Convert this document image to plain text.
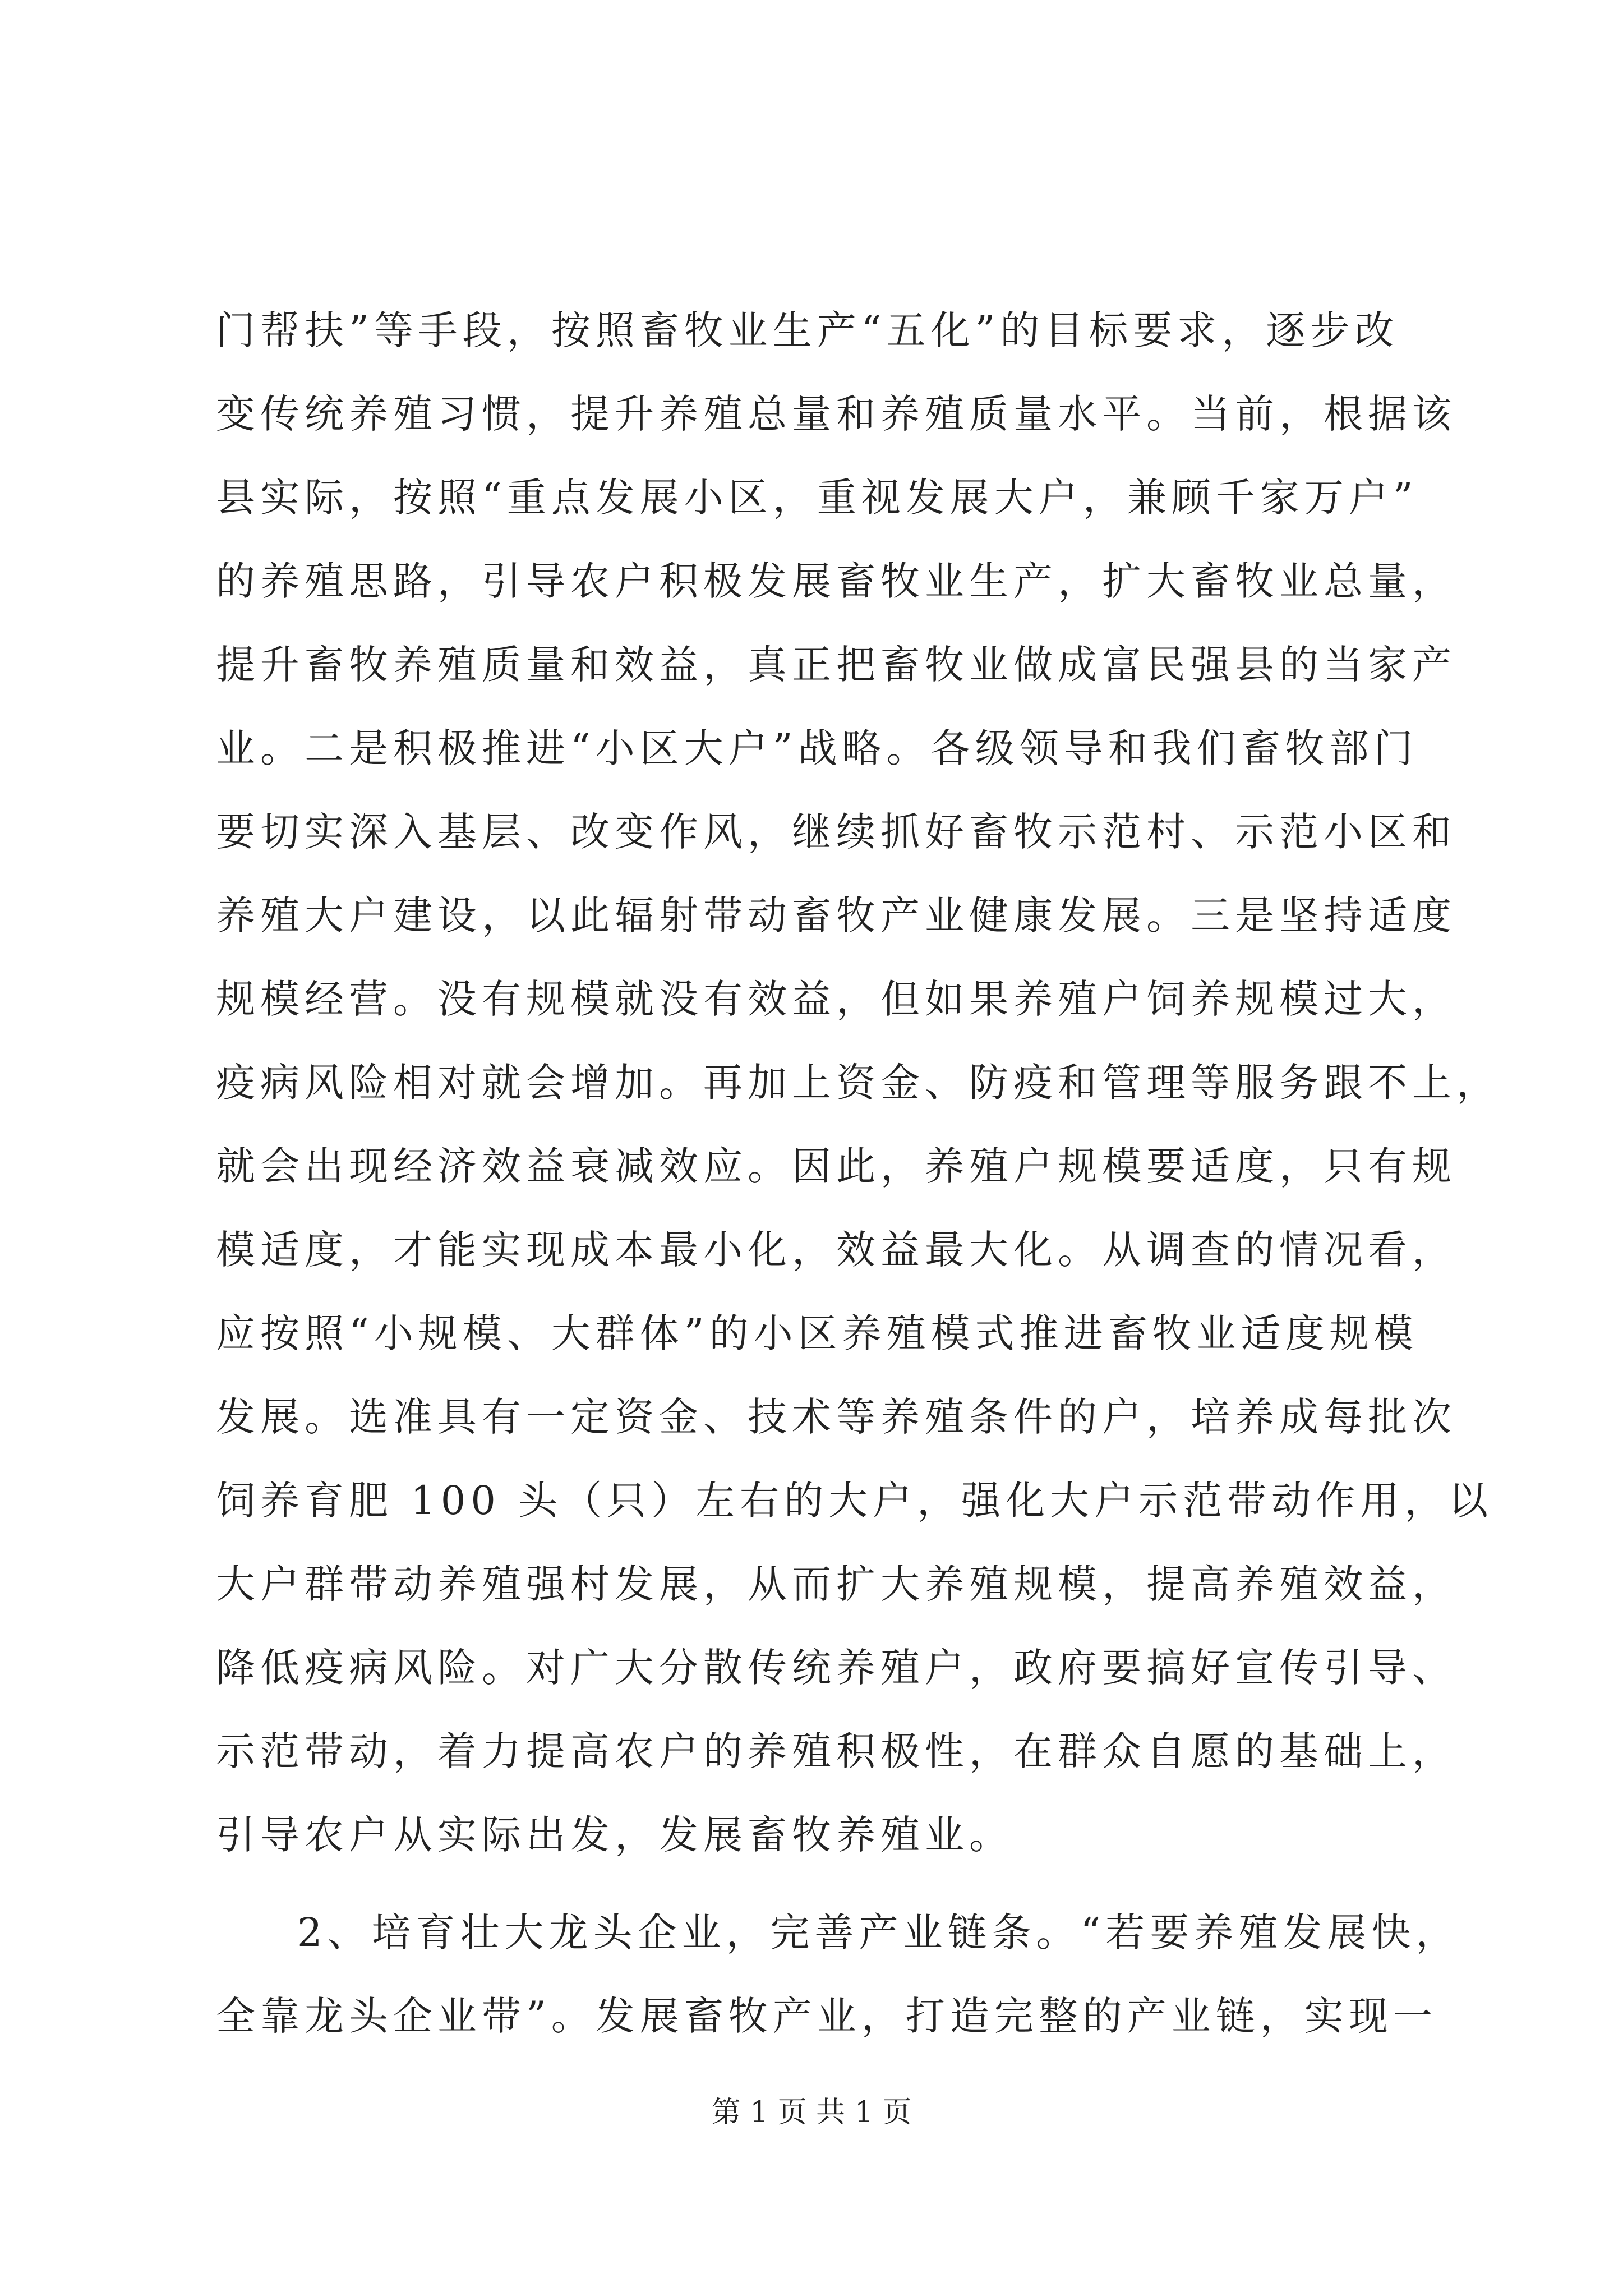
门帮扶”等手段，按照畜牧业生产“五化”的目标要求，逐步改
变传统养殖习惯，提升养殖总量和养殖质量水平。当前，根据该
县实际，按照“重点发展小区，重视发展大户，兼顾千家万户”
的养殖思路，引导农户积极发展畜牧业生产，扩大畜牧业总量，
提升畜牧养殖质量和效益，真正把畜牧业做成富民强县的当家产
业。二是积极推进“小区大户”战略。各级领导和我们畜牧部门
要切实深入基层、改变作风，继续抓好畜牧示范村、示范小区和
养殖大户建设，以此辐射带动畜牧产业健康发展。三是坚持适度
规模经营。没有规模就没有效益，但如果养殖户饲养规模过大，
疫病风险相对就会增加。再加上资金、防疫和管理等服务跟不上，
就会出现经济效益衰减效应。因此，养殖户规模要适度，只有规
模适度，才能实现成本最小化，效益最大化。从调查的情况看，
应按照“小规模、大群体”的小区养殖模式推进畜牧业适度规模
发展。选准具有一定资金、技术等养殖条件的户，培养成每批次
饲养育肥 100 头（只）左右的大户，强化大户示范带动作用，以
大户群带动养殖强村发展，从而扩大养殖规模，提高养殖效益，
降低疫病风险。对广大分散传统养殖户，政府要搞好宣传引导、
示范带动，着力提高农户的养殖积极性，在群众自愿的基础上，
引导农户从实际出发，发展畜牧养殖业。
2、培育壮大龙头企业，完善产业链条。“若要养殖发展快，
全靠龙头企业带”。发展畜牧产业，打造完整的产业链，实现一
第 1 页 共 1 页
